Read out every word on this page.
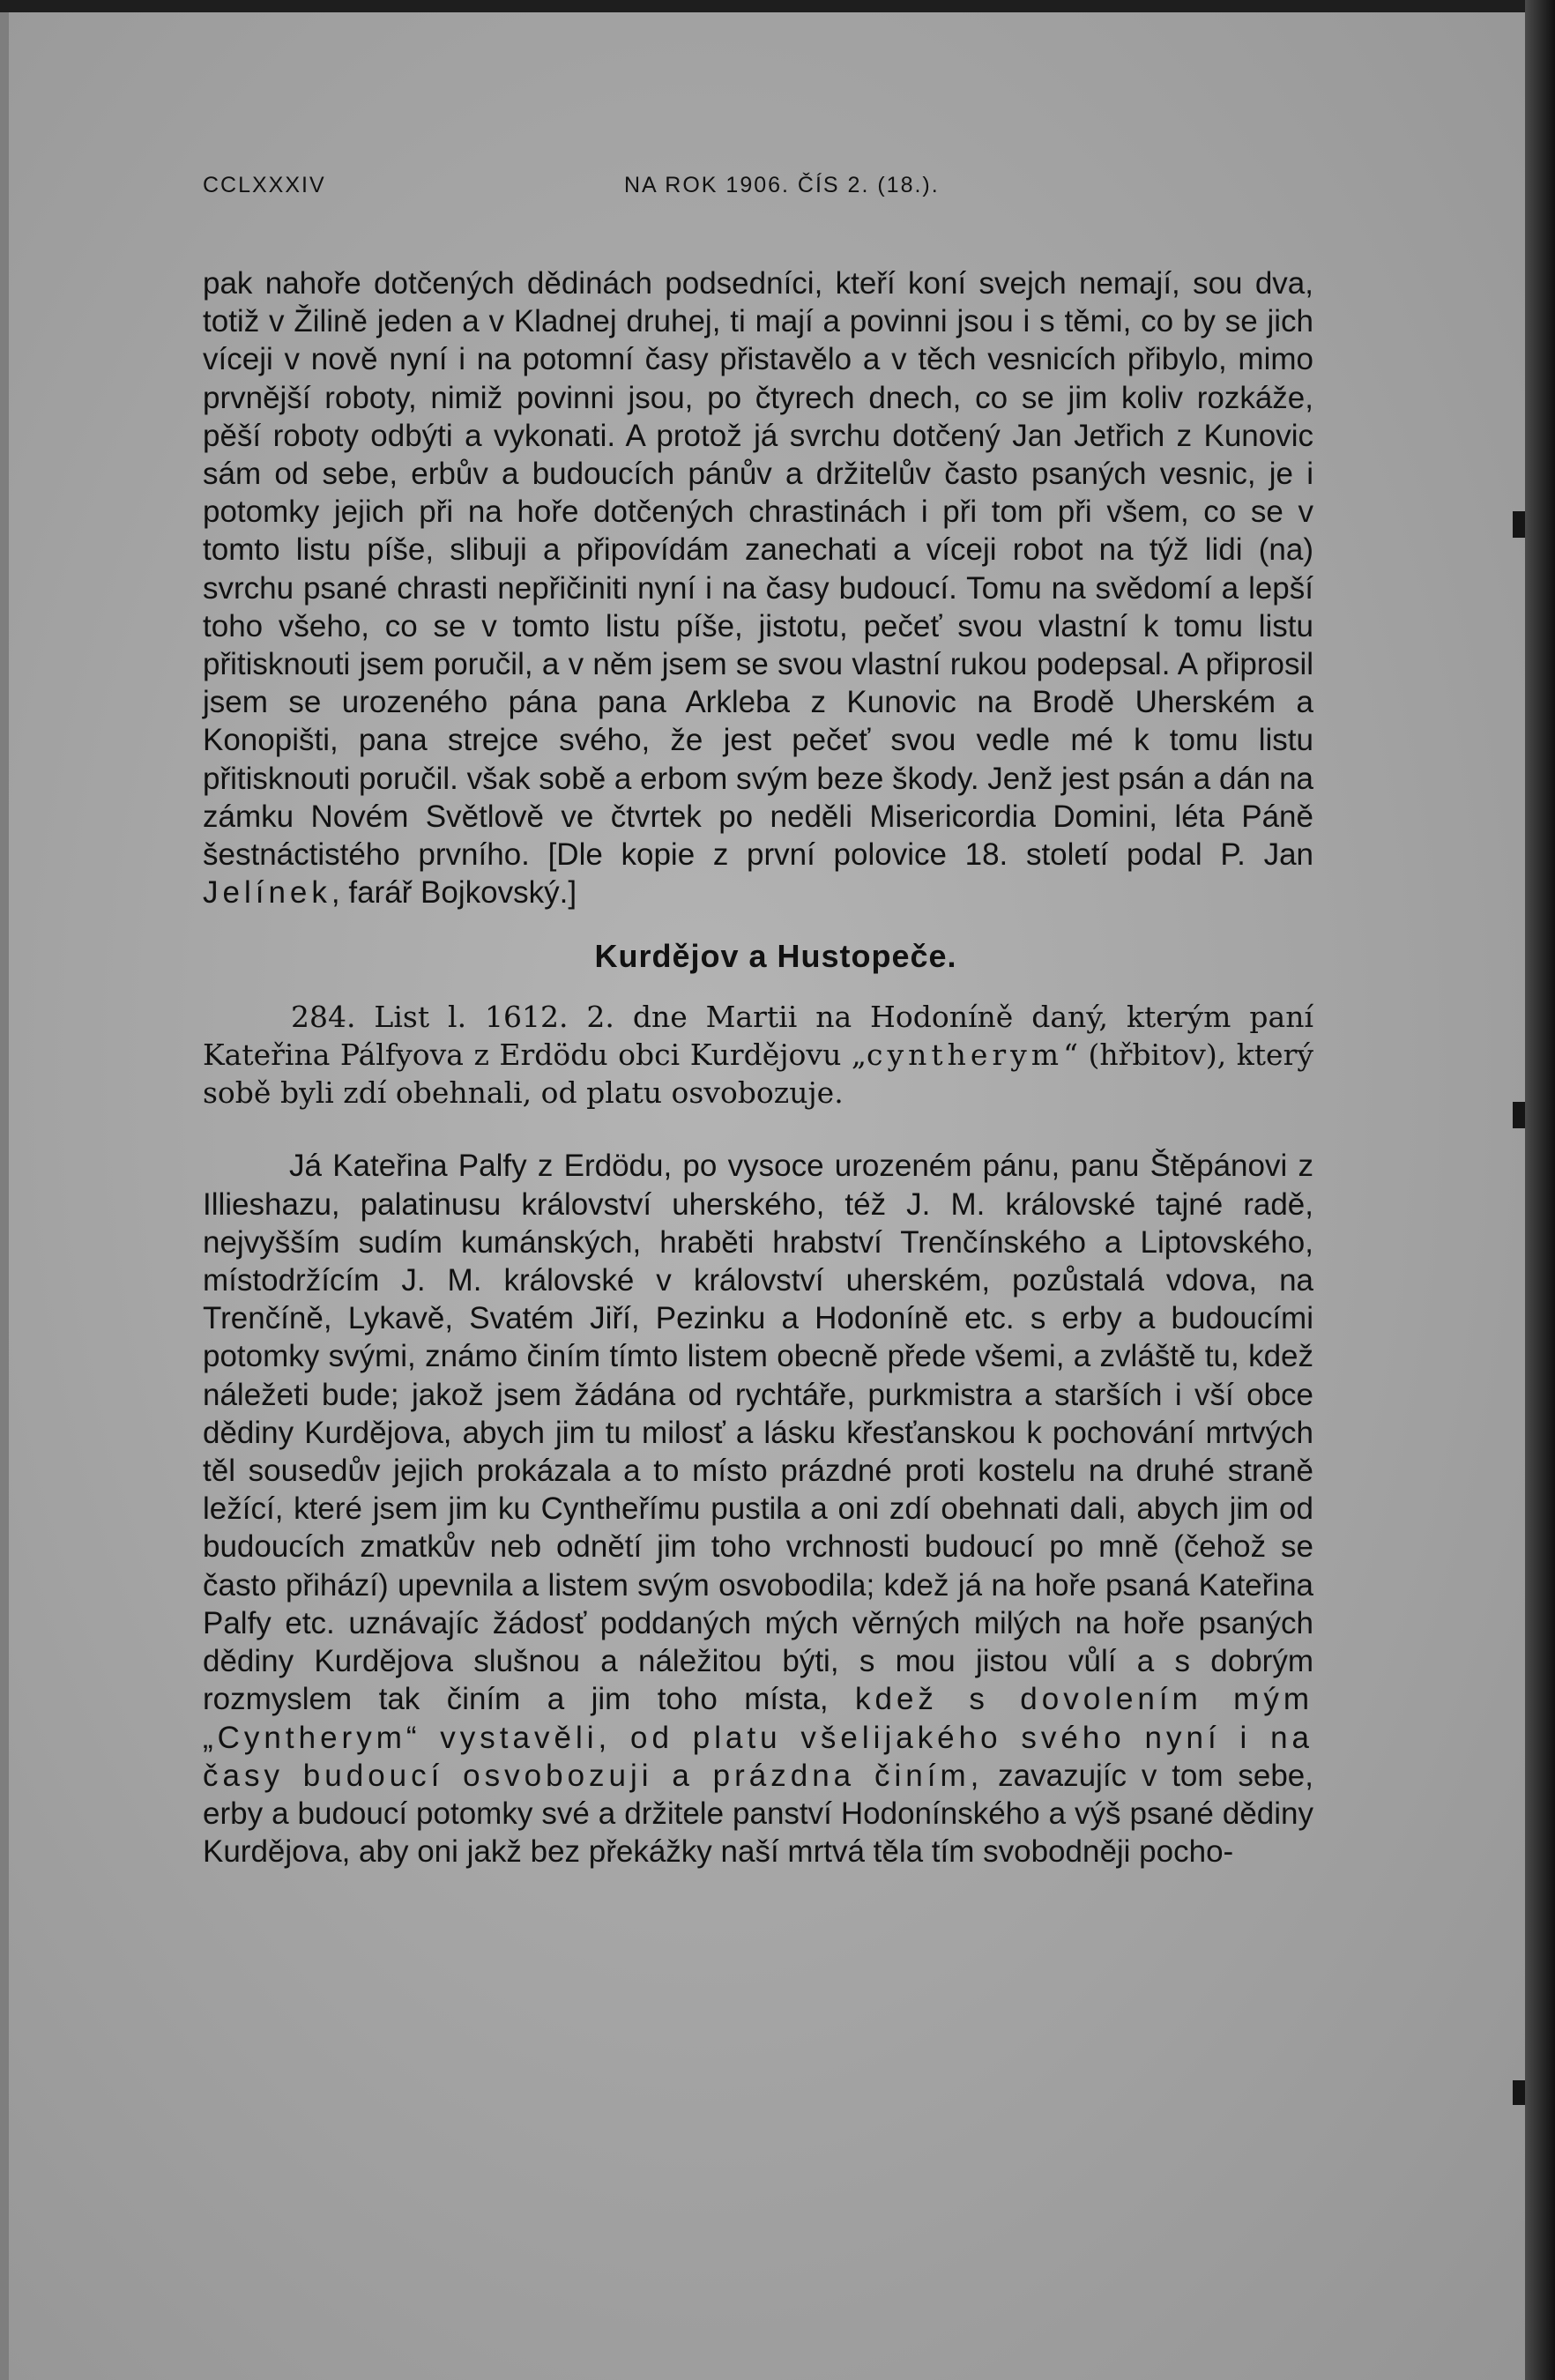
CCLXXXIV	NA ROK 1906. ČÍS 2. (18.).

pak nahoře dotčených dědinách podsedníci, kteří koní svejch nemají, sou dva, totiž v Žilině jeden a v Kladnej druhej, ti mají a povinni jsou i s těmi, co by se jich víceji v nově nyní i na potomní časy přistavělo a v těch vesnicích přibylo, mimo prvnější roboty, nimiž povinni jsou, po čtyrech dnech, co se jim koliv rozkáže, pěší roboty odbýti a vykonati. A protož já svrchu dotčený Jan Jetřich z Kunovic sám od sebe, erbův a budoucích pánův a držitelův často psaných vesnic, je i potomky jejich při na hoře dotčených chrastinách i při tom při všem, co se v tomto listu píše, slibuji a připovídám zanechati a víceji robot na týž lidi (na) svrchu psané chrasti nepřičiniti nyní i na časy budoucí. Tomu na svědomí a lepší toho všeho, co se v tomto listu píše, jistotu, pečeť svou vlastní k tomu listu přitisknouti jsem poručil, a v něm jsem se svou vlastní rukou podepsal. A připrosil jsem se urozeného pána pana Arkleba z Kunovic na Brodě Uherském a Konopišti, pana strejce svého, že jest pečeť svou vedle mé k tomu listu přitisknouti poručil. však sobě a erbom svým beze škody. Jenž jest psán a dán na zámku Novém Světlově ve čtvrtek po neděli Misericordia Domini, léta Páně šestnáctistého prvního. [Dle kopie z první polovice 18. století podal P. Jan Jelínek, farář Bojkovský.]

Kurdějov a Hustopeče.
284. List l. 1612. 2. dne Martii na Hodoníně daný, kterým paní Kateřina Pálfyova z Erdödu obci Kurdějovu „cyntherym“ (hřbitov), který sobě byli zdí obehnali, od platu osvobozuje.
Já Kateřina Palfy z Erdödu, po vysoce urozeném pánu, panu Štěpánovi z Illieshazu, palatinusu království uherského, též J. M. královské tajné radě, nejvyšším sudím kumánských, hraběti hrabství Trenčínského a Liptovského, místodržícím J. M. královské v království uherském, pozůstalá vdova, na Trenčíně, Lykavě, Svatém Jiří, Pezinku a Hodoníně etc. s erby a budoucími potomky svými, známo činím tímto listem obecně přede všemi, a zvláště tu, kdež náležeti bude; jakož jsem žádána od rychtáře, purkmistra a starších i vší obce dědiny Kurdějova, abych jim tu milosť a lásku křesťanskou k pochování mrtvých těl sousedův jejich prokázala a to místo prázdné proti kostelu na druhé straně ležící, které jsem jim ku Cyntheřímu pustila a oni zdí obehnati dali, abych jim od budoucích zmatkův neb odnětí jim toho vrchnosti budoucí po mně (čehož se často přihází) upevnila a listem svým osvobodila; kdež já na hoře psaná Kateřina Palfy etc. uznávajíc žádosť poddaných mých věrných milých na hoře psaných dědiny Kurdějova slušnou a náležitou býti, s mou jistou vůlí a s dobrým rozmyslem tak činím a jim toho místa, kdež s dovolením mým „Cyntherym“ vystavěli, od platu všelijakého svého nyní i na časy budoucí osvobozuji a prázdna činím, zavazujíc v tom sebe, erby a budoucí potomky své a držitele panství Hodonínského a výš psané dědiny Kurdějova, aby oni jakž bez překážky naší mrtvá těla tím svobodněji pocho-
